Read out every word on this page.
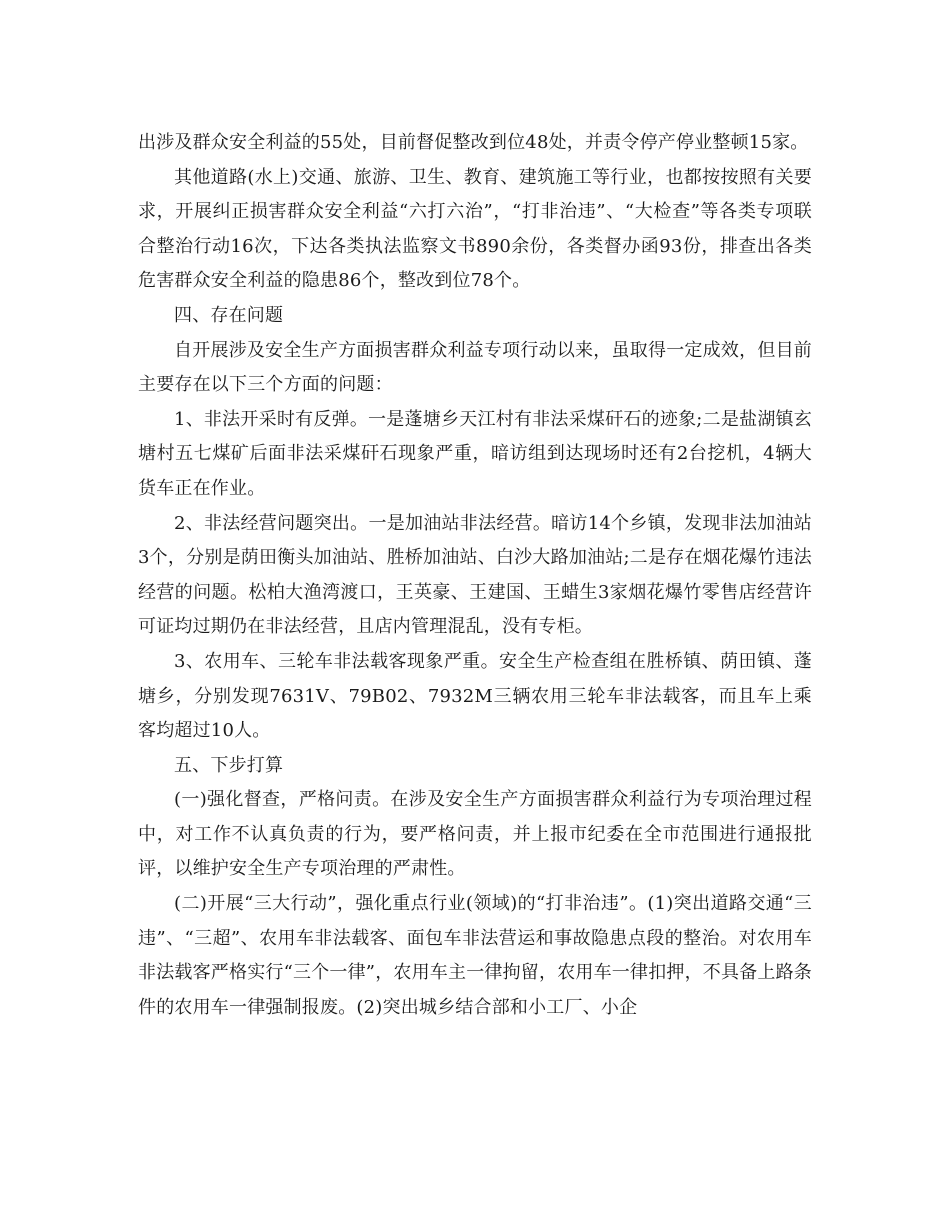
出涉及群众安全利益的55处，目前督促整改到位48处，并责令停产停业整顿15家。

其他道路(水上)交通、旅游、卫生、教育、建筑施工等行业，也都按按照有关要求，开展纠正损害群众安全利益“六打六治”，“打非治违”、“大检查”等各类专项联合整治行动16次，下达各类执法监察文书890余份，各类督办函93份，排查出各类危害群众安全利益的隐患86个，整改到位78个。

四、存在问题

自开展涉及安全生产方面损害群众利益专项行动以来，虽取得一定成效，但目前主要存在以下三个方面的问题：

1、非法开采时有反弹。一是蓬塘乡天江村有非法采煤矸石的迹象;二是盐湖镇玄塘村五七煤矿后面非法采煤矸石现象严重，暗访组到达现场时还有2台挖机，4辆大货车正在作业。

2、非法经营问题突出。一是加油站非法经营。暗访14个乡镇，发现非法加油站3个，分别是荫田衡头加油站、胜桥加油站、白沙大路加油站;二是存在烟花爆竹违法经营的问题。松柏大渔湾渡口，王英豪、王建国、王蜡生3家烟花爆竹零售店经营许可证均过期仍在非法经营，且店内管理混乱，没有专柜。

3、农用车、三轮车非法载客现象严重。安全生产检查组在胜桥镇、荫田镇、蓬塘乡，分别发现7631V、79B02、7932M三辆农用三轮车非法载客，而且车上乘客均超过10人。

五、下步打算

(一)强化督查，严格问责。在涉及安全生产方面损害群众利益行为专项治理过程中，对工作不认真负责的行为，要严格问责，并上报市纪委在全市范围进行通报批评，以维护安全生产专项治理的严肃性。

(二)开展“三大行动”，强化重点行业(领域)的“打非治违”。(1)突出道路交通“三违”、“三超”、农用车非法载客、面包车非法营运和事故隐患点段的整治。对农用车非法载客严格实行“三个一律”，农用车主一律拘留，农用车一律扣押，不具备上路条件的农用车一律强制报废。(2)突出城乡结合部和小工厂、小企
